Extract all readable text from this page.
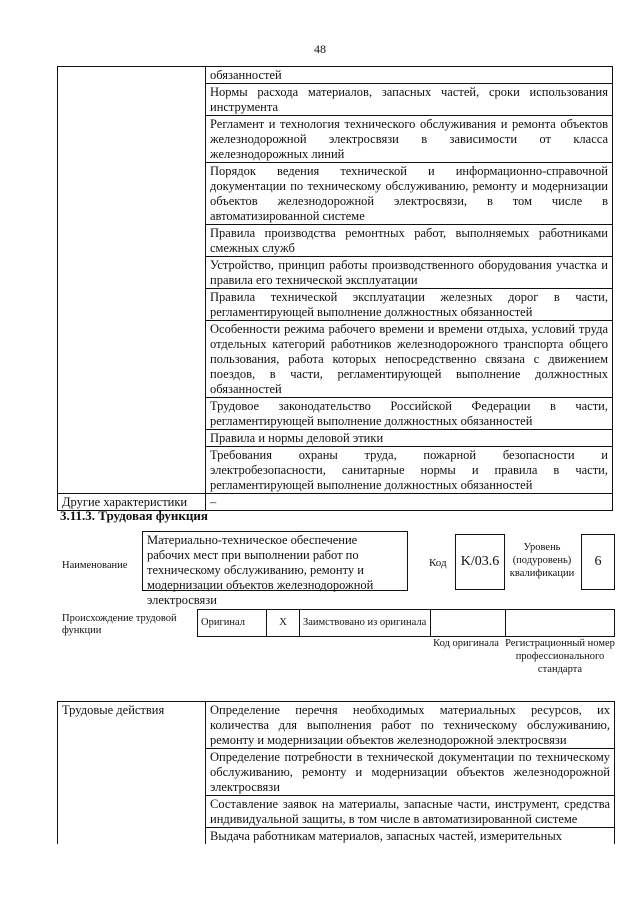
48
	обязанностей
	Нормы расхода материалов, запасных частей, сроки использования инструмента
	Регламент и технология технического обслуживания и ремонта объектов железнодорожной электросвязи в зависимости от класса железнодорожных линий
	Порядок ведения технической и информационно-справочной документации по техническому обслуживанию, ремонту и модернизации объектов железнодорожной электросвязи, в том числе в автоматизированной системе
	Правила производства ремонтных работ, выполняемых работниками смежных служб
	Устройство, принцип работы производственного оборудования участка и правила его технической эксплуатации
	Правила технической эксплуатации железных дорог в части, регламентирующей выполнение должностных обязанностей
	Особенности режима рабочего времени и времени отдыха, условий труда отдельных категорий работников железнодорожного транспорта общего пользования, работа которых непосредственно связана с движением поездов, в части, регламентирующей выполнение должностных обязанностей
	Трудовое законодательство Российской Федерации в части, регламентирующей выполнение должностных обязанностей
	Правила и нормы деловой этики
	Требования охраны труда, пожарной безопасности и электробезопасности, санитарные нормы и правила в части, регламентирующей выполнение должностных обязанностей
Другие характеристики	–
3.11.3. Трудовая функция
Наименование
Материально-техническое обеспечение рабочих мест при выполнении работ по техническому обслуживанию, ремонту и модернизации объектов железнодорожной электросвязи
Код	K/03.6
Уровень (подуровень) квалификации
6
Происхождение трудовой функции
Оригинал	X	Заимствовано из оригинала		
Код оригинала Регистрационный номер профессионального стандарта
Трудовые действия	Определение перечня необходимых материальных ресурсов, их количества для выполнения работ по техническому обслуживанию, ремонту и модернизации объектов железнодорожной электросвязи
Определение потребности в технической документации по техническому обслуживанию, ремонту и модернизации объектов железнодорожной электросвязи
Составление заявок на материалы, запасные части, инструмент, средства индивидуальной защиты, в том числе в автоматизированной системе
Выдача работникам материалов, запасных частей, измерительных
